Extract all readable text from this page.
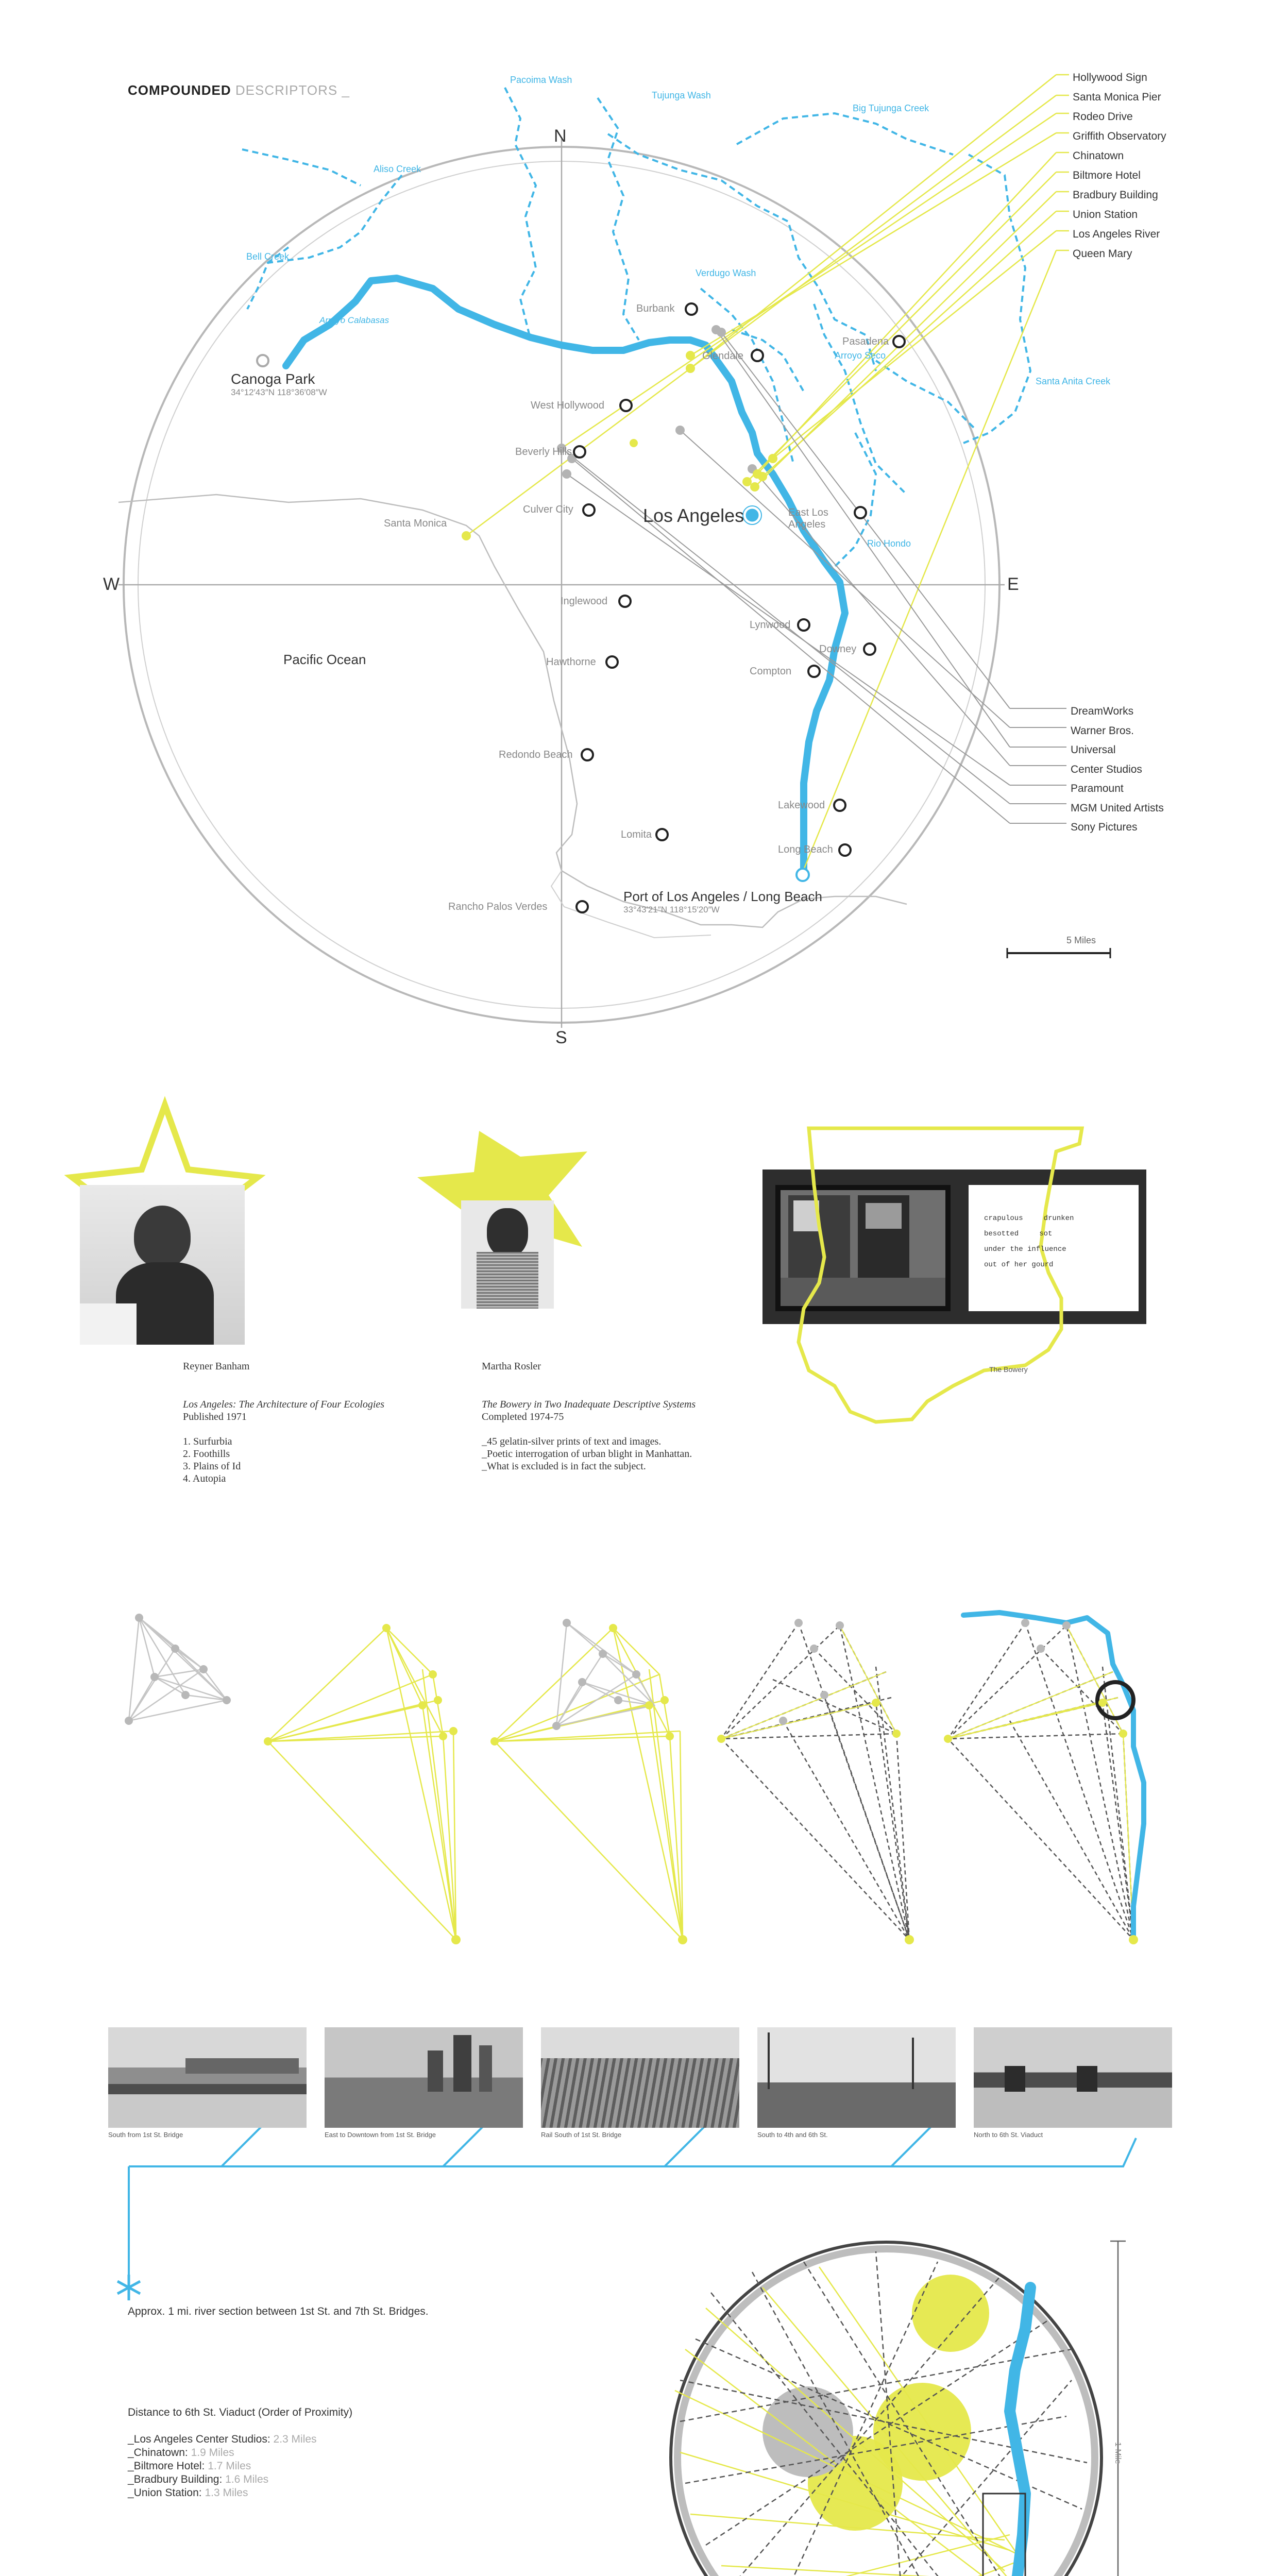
COMPOUNDED DESCRIPTORS _
N
S
E
W
Pacific Ocean
Canoga Park
34°12′43″N 118°36′08″W
Port of Los Angeles / Long Beach
33°43′21″N 118°15′20″W
Los Angeles
5 Miles
Pacoima Wash
Tujunga Wash
Big Tujunga Creek
Aliso Creek
Bell Creek
Arroyo Calabasas
Verdugo Wash
Arroyo Seco
Santa Anita Creek
Rio Hondo
Burbank
Glendale
Pasadena
West Hollywood
Beverly Hills
Culver City
Santa Monica
East Los Angeles
Inglewood
Hawthorne
Lynwood
Compton
Downey
Redondo Beach
Lomita
Lakewood
Long Beach
Rancho Palos Verdes
Hollywood Sign
Santa Monica Pier
Rodeo Drive
Griffith Observatory
Chinatown
Biltmore Hotel
Bradbury Building
Union Station
Los Angeles River
Queen Mary
DreamWorks
Warner Bros.
Universal
Center Studios
Paramount
MGM United Artists
Sony Pictures
crapulous	drunken
besotted	sot
under the influence
out of her gourd
The Bowery
Reyner Banham
Los Angeles: The Architecture of Four Ecologies
Published 1971
1. Surfurbia
2. Foothills
3. Plains of Id
4. Autopia
Martha Rosler
The Bowery in Two Inadequate Descriptive Systems
Completed 1974-75
_45 gelatin-silver prints of text and images.
_Poetic interrogation of urban blight in Manhattan.
_What is excluded is in fact the subject.
South from 1st St. Bridge	East to Downtown from 1st St. Bridge	Rail South of 1st St. Bridge	South to 4th and 6th St.	North to 6th St. Viaduct
Approx. 1 mi. river section between 1st St. and 7th St. Bridges.
Distance to 6th St. Viaduct (Order of Proximity)
_Los Angeles Center Studios: 2.3 Miles
_Chinatown: 1.9 Miles
_Biltmore Hotel: 1.7 Miles
_Bradbury Building: 1.6 Miles
_Union Station: 1.3 Miles
1 Mile
